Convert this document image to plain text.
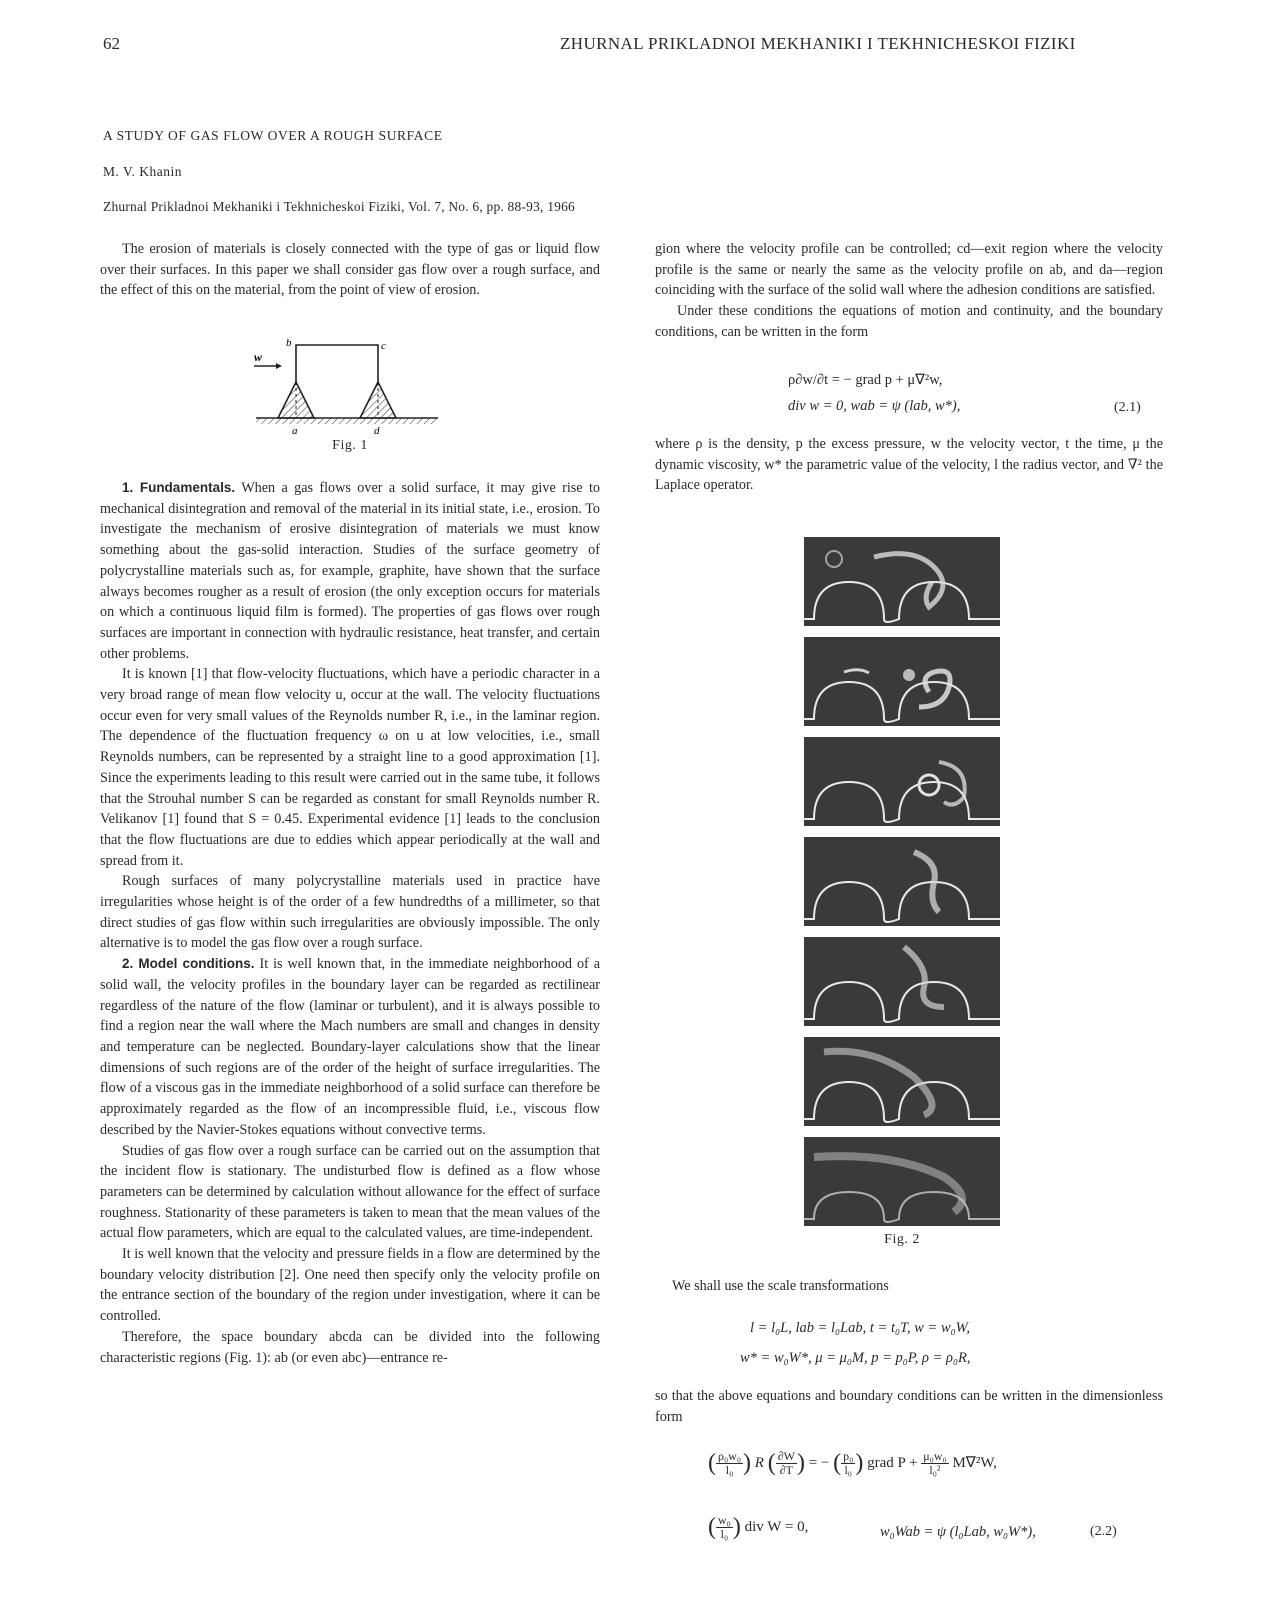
62	ZHURNAL PRIKLADNOI MEKHANIKI I TEKHNICHESKOI FIZIKI
A STUDY OF GAS FLOW OVER A ROUGH SURFACE
M. V. Khanin
Zhurnal Prikladnoi Mekhaniki i Tekhnicheskoi Fiziki, Vol. 7, No. 6, pp. 88-93, 1966

The erosion of materials is closely connected with the type of gas or liquid flow over their surfaces. In this paper we shall consider gas flow over a rough surface, and the effect of this on the material, from the point of view of erosion.

w
b	c
a	d
Fig. 1

1. Fundamentals. When a gas flows over a solid surface, it may give rise to mechanical disintegration and removal of the material in its initial state, i.e., erosion. To investigate the mechanism of erosive disintegration of materials we must know something about the gas-solid interaction. Studies of the surface geometry of polycrystalline materials such as, for example, graphite, have shown that the surface always becomes rougher as a result of erosion (the only exception occurs for materials on which a continuous liquid film is formed). The properties of gas flows over rough surfaces are important in connection with hydraulic resistance, heat transfer, and certain other problems.

It is known [1] that flow-velocity fluctuations, which have a periodic character in a very broad range of mean flow velocity u, occur at the wall. The velocity fluctuations occur even for very small values of the Reynolds number R, i.e., in the laminar region. The dependence of the fluctuation frequency ω on u at low velocities, i.e., small Reynolds numbers, can be represented by a straight line to a good approximation [1]. Since the experiments leading to this result were carried out in the same tube, it follows that the Strouhal number S can be regarded as constant for small Reynolds number R. Velikanov [1] found that S = 0.45. Experimental evidence [1] leads to the conclusion that the flow fluctuations are due to eddies which appear periodically at the wall and spread from it.

Rough surfaces of many polycrystalline materials used in practice have irregularities whose height is of the order of a few hundredths of a millimeter, so that direct studies of gas flow within such irregularities are obviously impossible. The only alternative is to model the gas flow over a rough surface.

2. Model conditions. It is well known that, in the immediate neighborhood of a solid wall, the velocity profiles in the boundary layer can be regarded as rectilinear regardless of the nature of the flow (laminar or turbulent), and it is always possible to find a region near the wall where the Mach numbers are small and changes in density and temperature can be neglected. Boundary-layer calculations show that the linear dimensions of such regions are of the order of the height of surface irregularities. The flow of a viscous gas in the immediate neighborhood of a solid surface can therefore be approximately regarded as the flow of an incompressible fluid, i.e., viscous flow described by the Navier-Stokes equations without convective terms.

Studies of gas flow over a rough surface can be carried out on the assumption that the incident flow is stationary. The undisturbed flow is defined as a flow whose parameters can be determined by calculation without allowance for the effect of surface roughness. Stationarity of these parameters is taken to mean that the mean values of the actual flow parameters, which are equal to the calculated values, are time-independent.

It is well known that the velocity and pressure fields in a flow are determined by the boundary velocity distribution [2]. One need then specify only the velocity profile on the entrance section of the boundary of the region under investigation, where it can be controlled.

Therefore, the space boundary abcda can be divided into the following characteristic regions (Fig. 1): ab (or even abc)—entrance re-

gion where the velocity profile can be controlled; cd—exit region where the velocity profile is the same or nearly the same as the velocity profile on ab, and da—region coinciding with the surface of the solid wall where the adhesion conditions are satisfied.

Under these conditions the equations of motion and continuity, and the boundary conditions, can be written in the form

ρ∂w/∂t = − grad p + μ∇²w,
div w = 0, wab = ψ (lab, w*),	(2.1)

where ρ is the density, p the excess pressure, w the velocity vector, t the time, μ the dynamic viscosity, w* the parametric value of the velocity, l the radius vector, and ∇² the Laplace operator.

Fig. 2

We shall use the scale transformations

l = l₀L, lab = l₀Lab, t = t₀T, w = w₀W,
w* = w₀W*, μ = μ₀M, p = p₀P, ρ = ρ₀R,

so that the above equations and boundary conditions can be written in the dimensionless form

( $\frac{\text{ρ₀w₀}}{\text{l₀}}$ ) R ( $\frac{\partial W}{\partial T}$ ) = − ( $\frac{\text{p₀}}{\text{l₀}}$ ) grad $P + \frac{\text{μ₀w₀}}{\text{l₀²}} M\nabla^2W$,
( $\frac{\text{w₀}}{\text{l₀}}$ ) div W = 0,	w₀Wab = ψ (l₀Lab, w₀W*),	(2.2)
